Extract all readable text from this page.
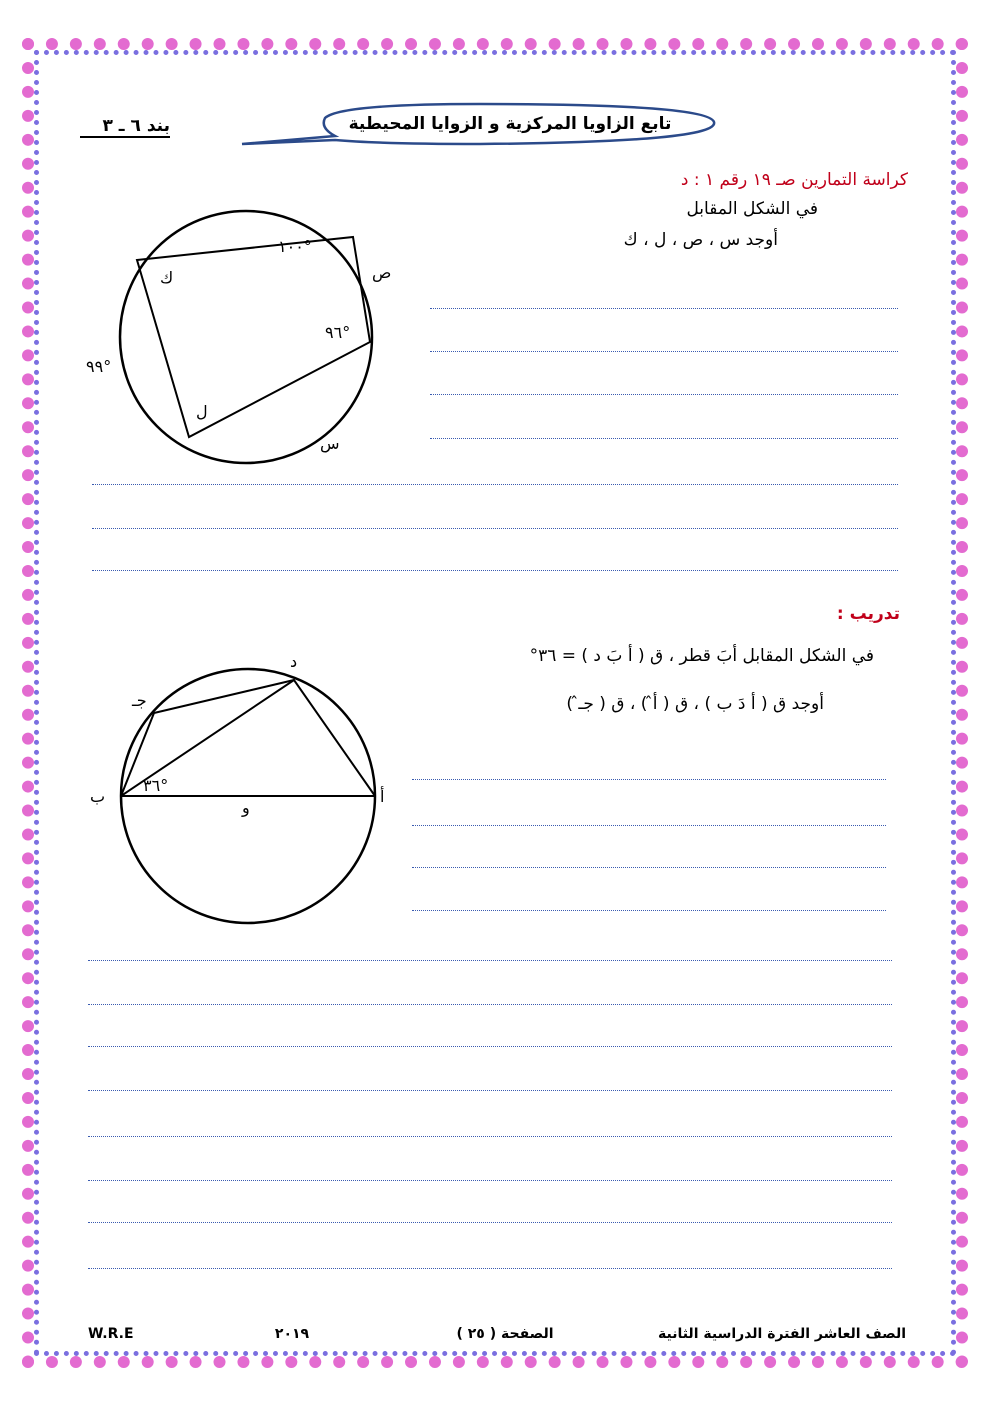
بند ٦ ـ ٣	تابع الزاويا المركزية و الزوايا المحيطية
كراسة التمارين صـ ١٩ رقم ١ : د
في الشكل المقابل
أوجد س ، ص ، ل ، ك
١٠٠°
٩٦°
٩٩°
ك	ص
ل
س
تدريب :
في الشكل المقابل أبَ قطر ، ق ( أ بَ د ) = ٣٦°
أوجد ق ( أ دَ ب ) ، ق ( أ̂ ) ، ق ( جـ̂ )
د
جـ
ب	أ
و
٣٦°
W.R.E	٢٠١٩	الصفحة ( ٢٥ )	الصف العاشر الفترة الدراسية الثانية
